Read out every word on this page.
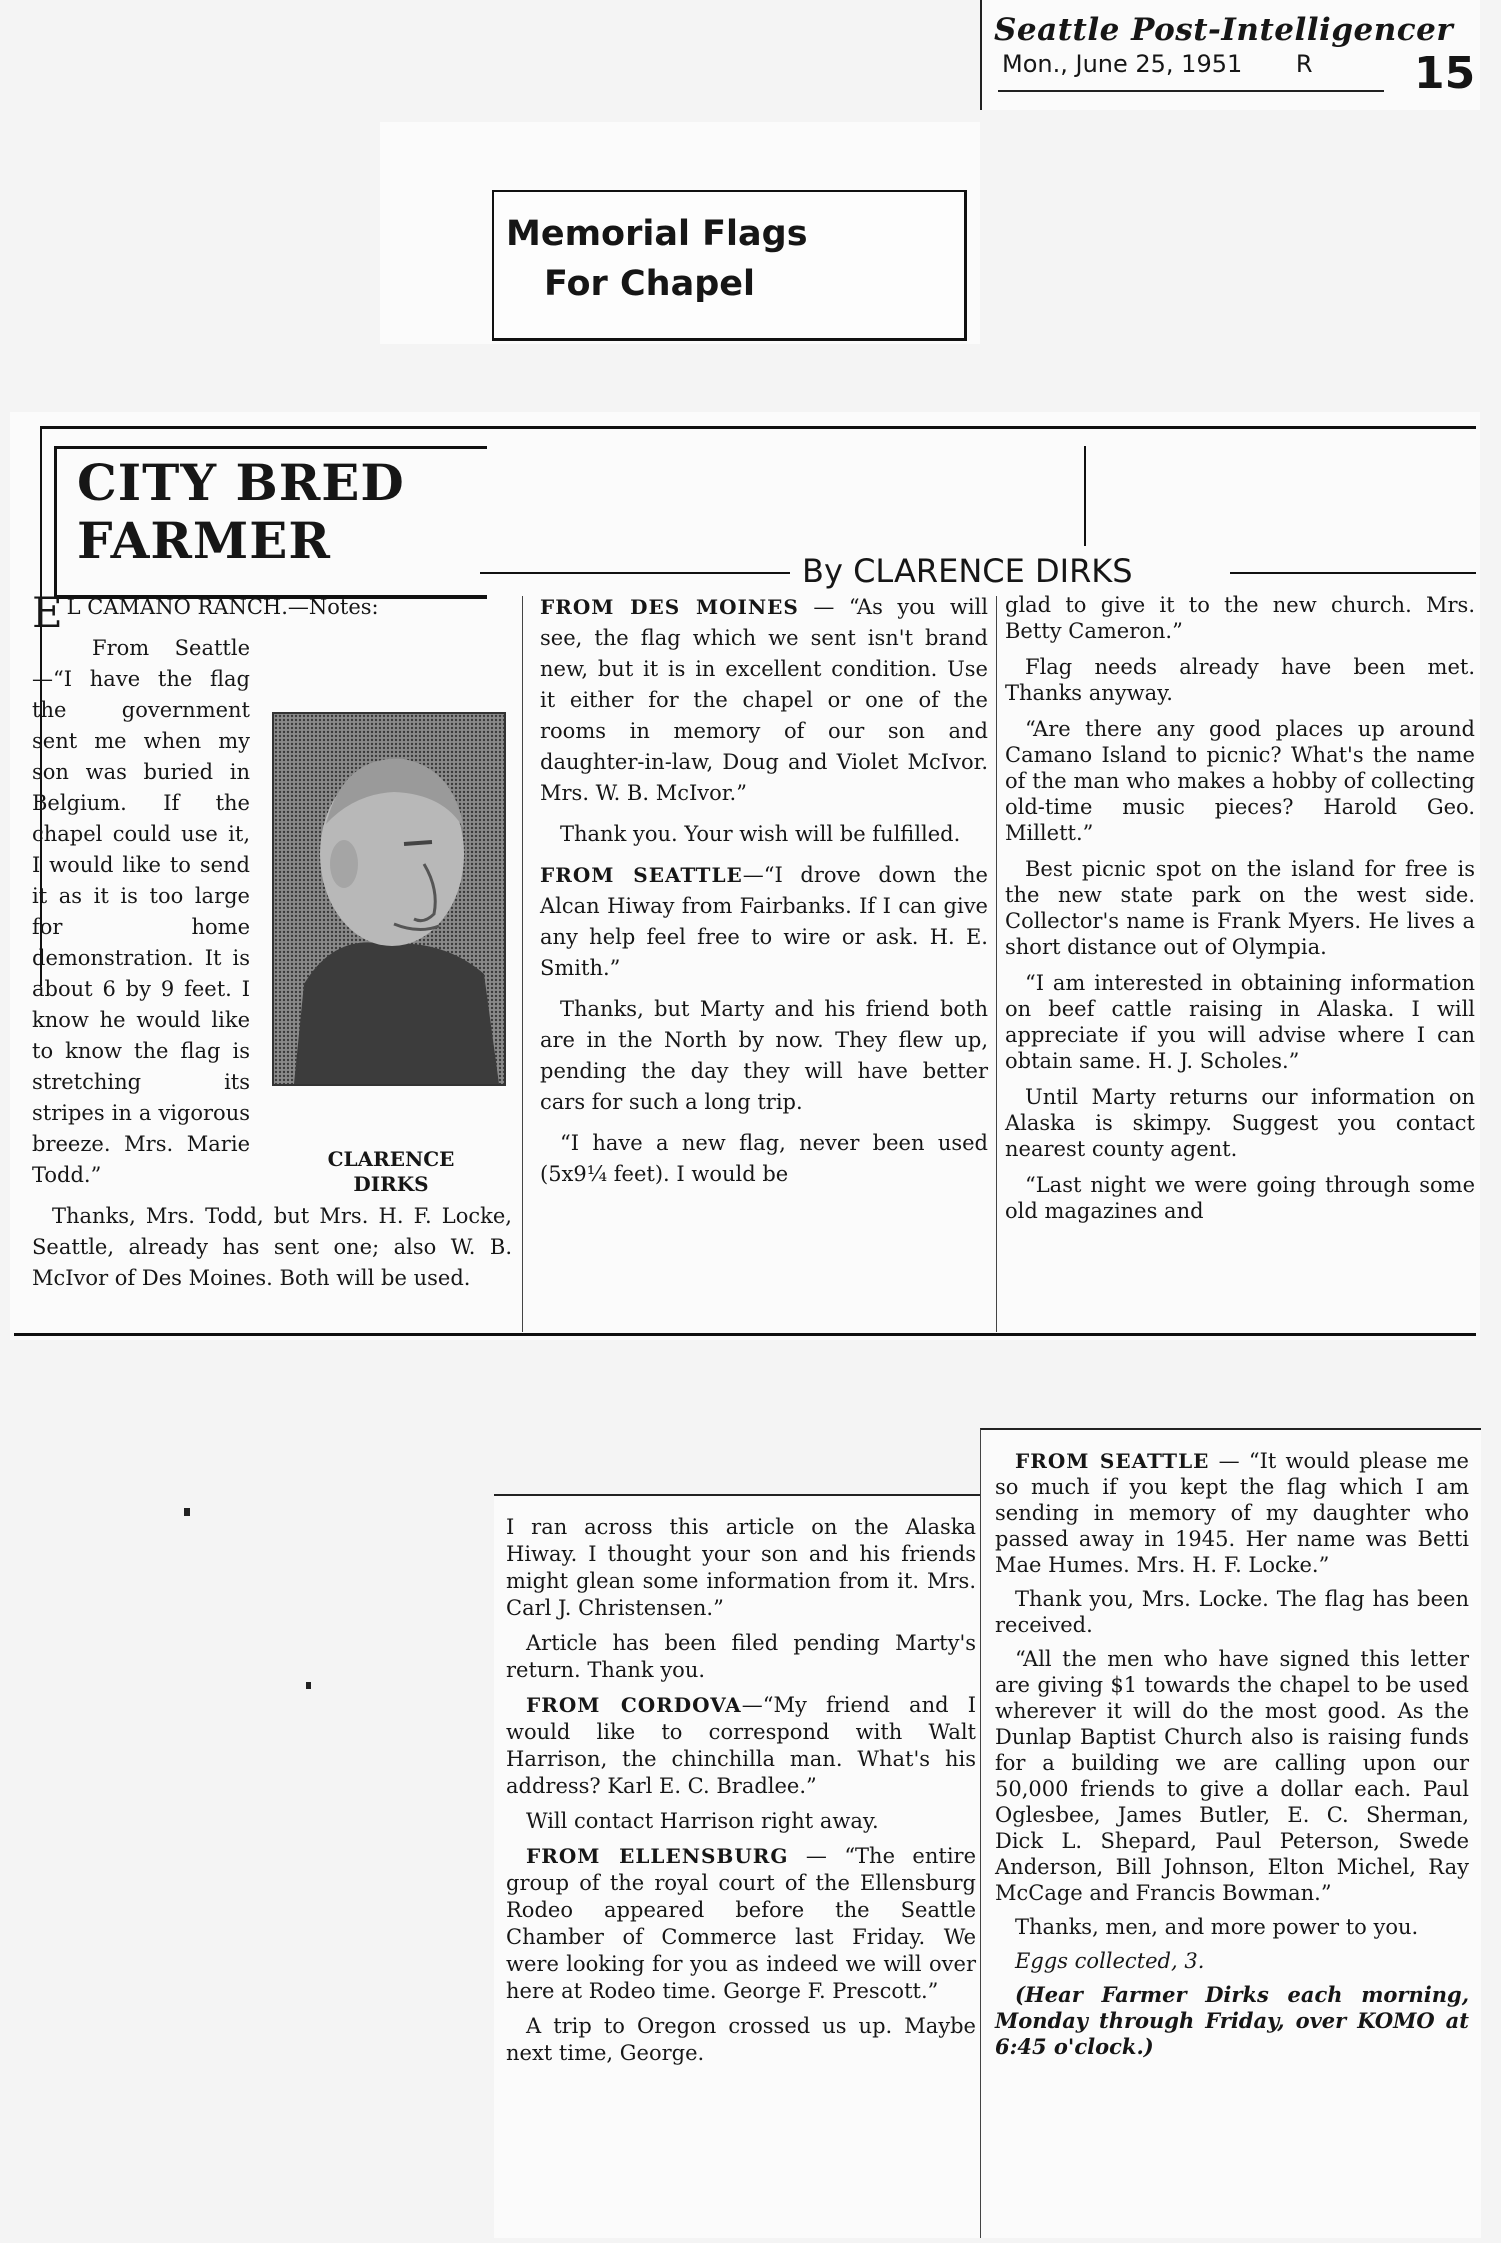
Seattle Post-Intelligencer
Mon., June 25, 1951 R 15
Memorial Flags
For Chapel
CITY BRED
FARMER
By CLARENCE DIRKS

E L CAMANO RANCH.—Notes:

From Seattle—“I have the flag the government sent me when my son was buried in Belgium. If the chapel could use it, I would like to send it as it is too large for home demonstration. It is about 6 by 9 feet. I know he would like to know the flag is stretching its stripes in a vigorous breeze. Mrs. Marie Todd.”

Thanks, Mrs. Todd, but Mrs. H. F. Locke, Seattle, already has sent one; also W. B. McIvor of Des Moines. Both will be used.

CLARENCE
DIRKS

FROM DES MOINES — “As you will see, the flag which we sent isn't brand new, but it is in excellent condition. Use it either for the chapel or one of the rooms in memory of our son and daughter-in-law, Doug and Violet McIvor. Mrs. W. B. McIvor.”

Thank you. Your wish will be fulfilled.

FROM SEATTLE—“I drove down the Alcan Hiway from Fairbanks. If I can give any help feel free to wire or ask. H. E. Smith.”

Thanks, but Marty and his friend both are in the North by now. They flew up, pending the day they will have better cars for such a long trip.

“I have a new flag, never been used (5x9¼ feet). I would be

glad to give it to the new church. Mrs. Betty Cameron.”

Flag needs already have been met. Thanks anyway.

“Are there any good places up around Camano Island to picnic? What's the name of the man who makes a hobby of collecting old-time music pieces? Harold Geo. Millett.”

Best picnic spot on the island for free is the new state park on the west side. Collector's name is Frank Myers. He lives a short distance out of Olympia.

“I am interested in obtaining information on beef cattle raising in Alaska. I will appreciate if you will advise where I can obtain same. H. J. Scholes.”

Until Marty returns our information on Alaska is skimpy. Suggest you contact nearest county agent.

“Last night we were going through some old magazines and

I ran across this article on the Alaska Hiway. I thought your son and his friends might glean some information from it. Mrs. Carl J. Christensen.”

Article has been filed pending Marty's return. Thank you.

FROM CORDOVA—“My friend and I would like to correspond with Walt Harrison, the chinchilla man. What's his address? Karl E. C. Bradlee.”

Will contact Harrison right away.

FROM ELLENSBURG — “The entire group of the royal court of the Ellensburg Rodeo appeared before the Seattle Chamber of Commerce last Friday. We were looking for you as indeed we will over here at Rodeo time. George F. Prescott.”

A trip to Oregon crossed us up. Maybe next time, George.

FROM SEATTLE — “It would please me so much if you kept the flag which I am sending in memory of my daughter who passed away in 1945. Her name was Betti Mae Humes. Mrs. H. F. Locke.”

Thank you, Mrs. Locke. The flag has been received.

“All the men who have signed this letter are giving $1 towards the chapel to be used wherever it will do the most good. As the Dunlap Baptist Church also is raising funds for a building we are calling upon our 50,000 friends to give a dollar each. Paul Oglesbee, James Butler, E. C. Sherman, Dick L. Shepard, Paul Peterson, Swede Anderson, Bill Johnson, Elton Michel, Ray McCage and Francis Bowman.”

Thanks, men, and more power to you.

Eggs collected, 3.

(Hear Farmer Dirks each morning, Monday through Friday, over KOMO at 6:45 o'clock.)
